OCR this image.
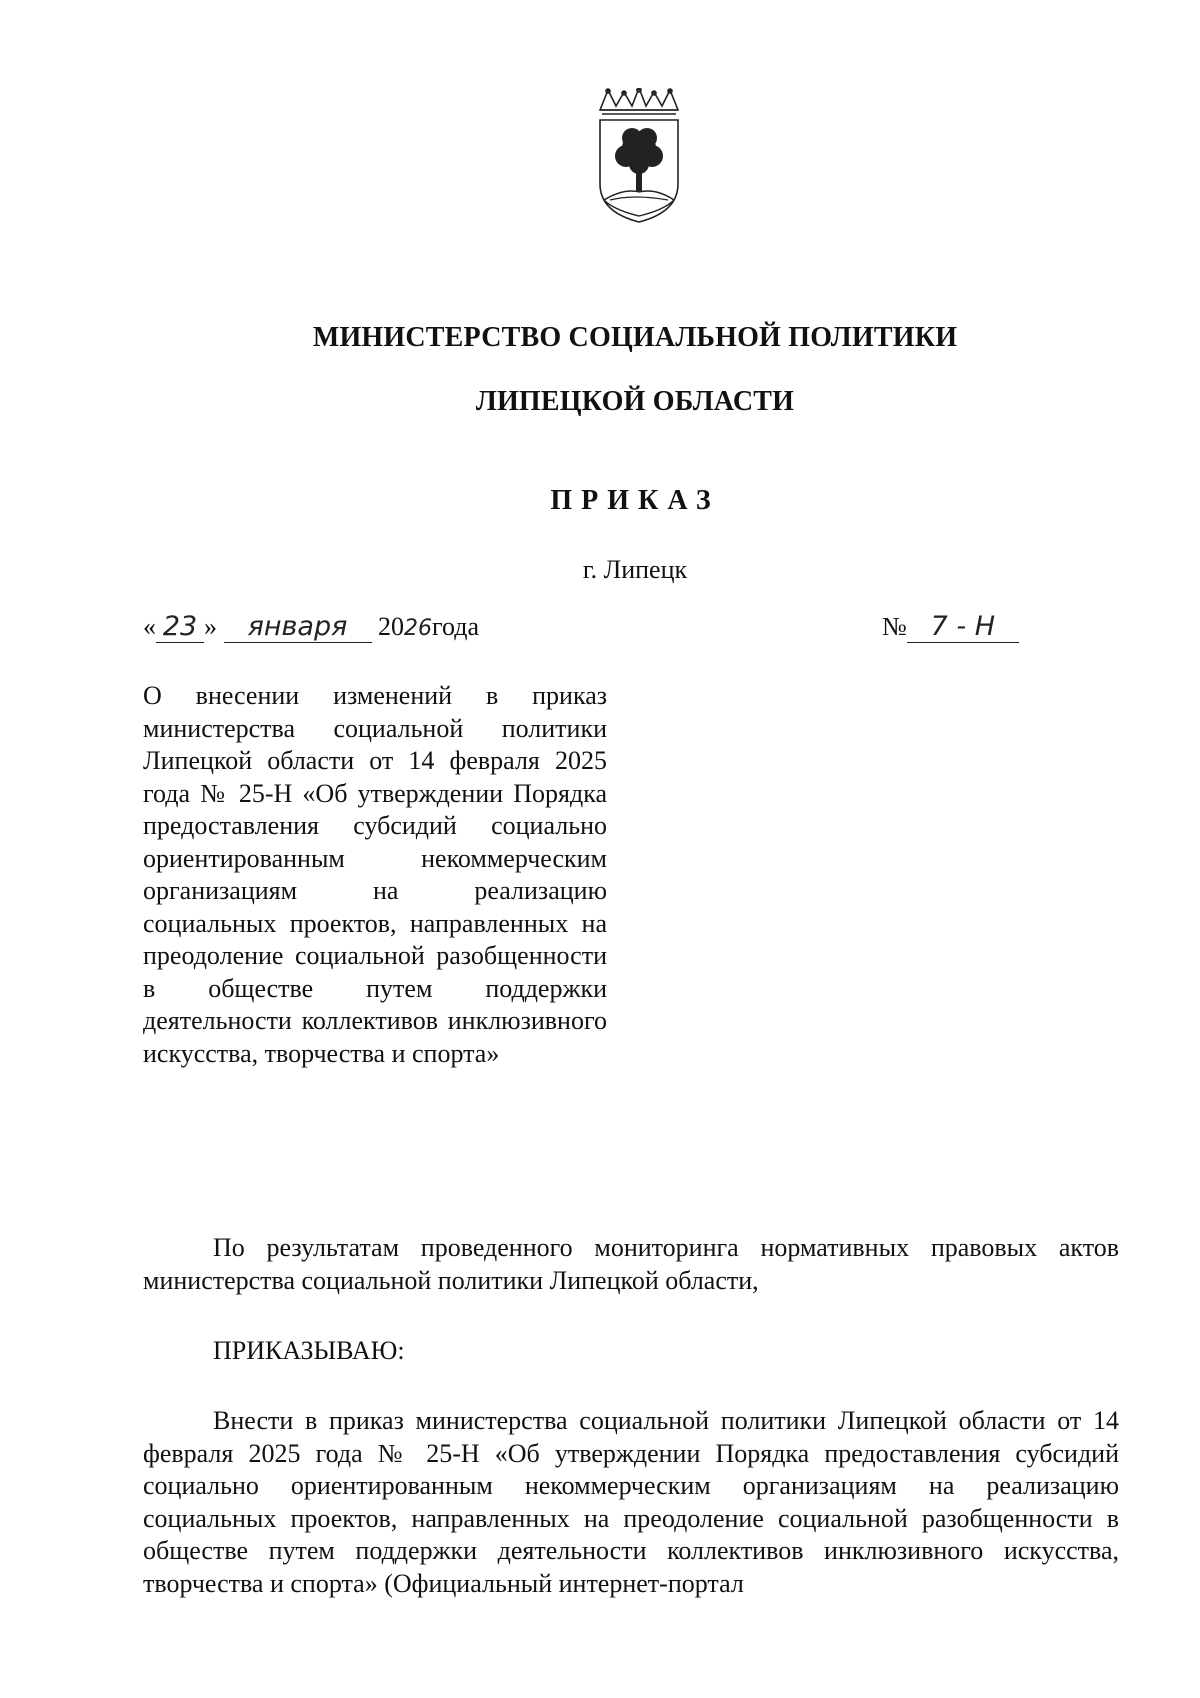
МИНИСТЕРСТВО СОЦИАЛЬНОЙ ПОЛИТИКИ
ЛИПЕЦКОЙ ОБЛАСТИ
ПРИКАЗ
г. Липецк
« 23 » января 2026года	№ 7 - Н
О внесении изменений в приказ министерства социальной политики Липецкой области от 14 февраля 2025 года № 25-Н «Об утверждении Порядка предоставления субсидий социально ориентированным некоммерческим организациям на реализацию социальных проектов, направленных на преодоление социальной разобщенности в обществе путем поддержки деятельности коллективов инклюзивного искусства, творчества и спорта»
По результатам проведенного мониторинга нормативных правовых актов министерства социальной политики Липецкой области,
ПРИКАЗЫВАЮ:
Внести в приказ министерства социальной политики Липецкой области от 14 февраля 2025 года № 25-Н «Об утверждении Порядка предоставления субсидий социально ориентированным некоммерческим организациям на реализацию социальных проектов, направленных на преодоление социальной разобщенности в обществе путем поддержки деятельности коллективов инклюзивного искусства, творчества и спорта» (Официальный интернет-портал
